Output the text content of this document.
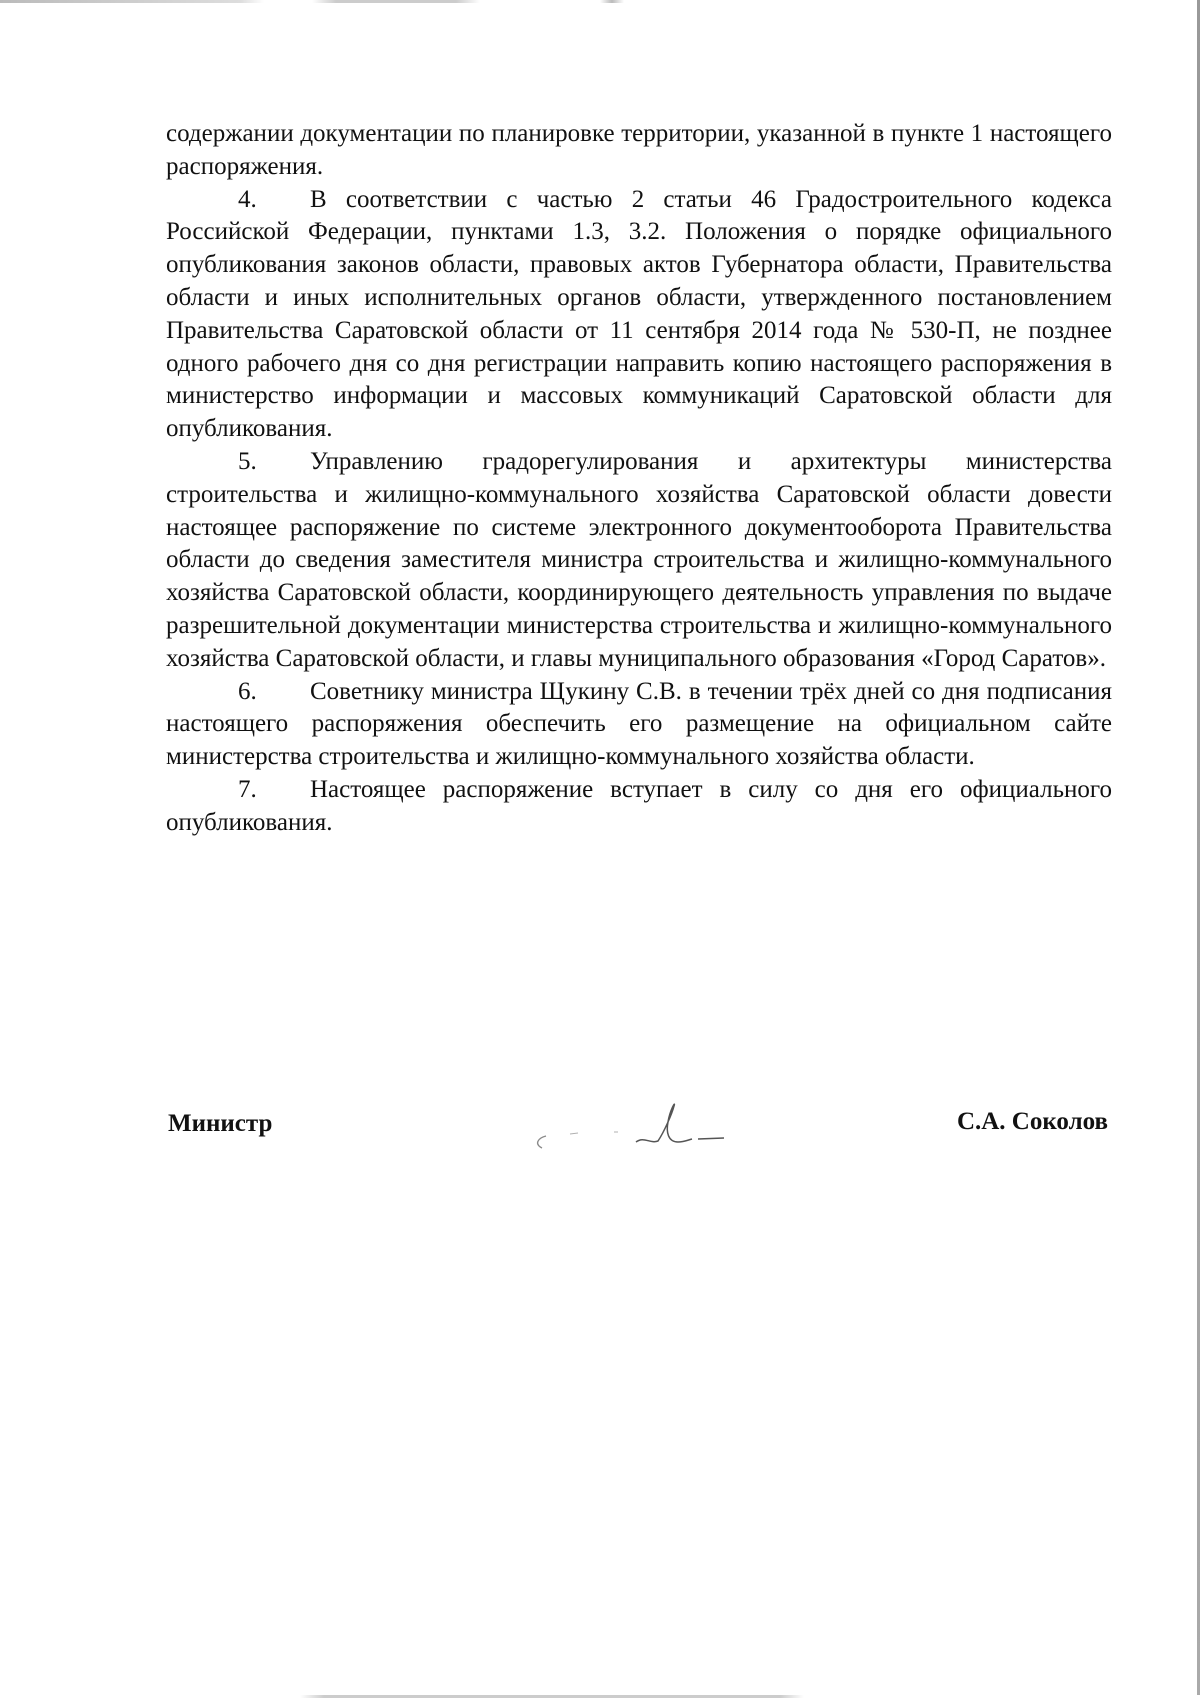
содержании документации по планировке территории, указанной в пункте 1 настоящего распоряжения.

4. В соответствии с частью 2 статьи 46 Градостроительного кодекса Российской Федерации, пунктами 1.3, 3.2. Положения о порядке официального опубликования законов области, правовых актов Губернатора области, Правительства области и иных исполнительных органов области, утвержденного постановлением Правительства Саратовской области от 11 сентября 2014 года № 530-П, не позднее одного рабочего дня со дня регистрации направить копию настоящего распоряжения в министерство информации и массовых коммуникаций Саратовской области для опубликования.

5. Управлению градорегулирования и архитектуры министерства строительства и жилищно-коммунального хозяйства Саратовской области довести настоящее распоряжение по системе электронного документооборота Правительства области до сведения заместителя министра строительства и жилищно-коммунального хозяйства Саратовской области, координирующего деятельность управления по выдаче разрешительной документации министерства строительства и жилищно-коммунального хозяйства Саратовской области, и главы муниципального образования «Город Саратов».

6. Советнику министра Щукину С.В. в течении трёх дней со дня подписания настоящего распоряжения обеспечить его размещение на официальном сайте министерства строительства и жилищно-коммунального хозяйства области.

7. Настоящее распоряжение вступает в силу со дня его официального опубликования.

Министр	С.А. Соколов
